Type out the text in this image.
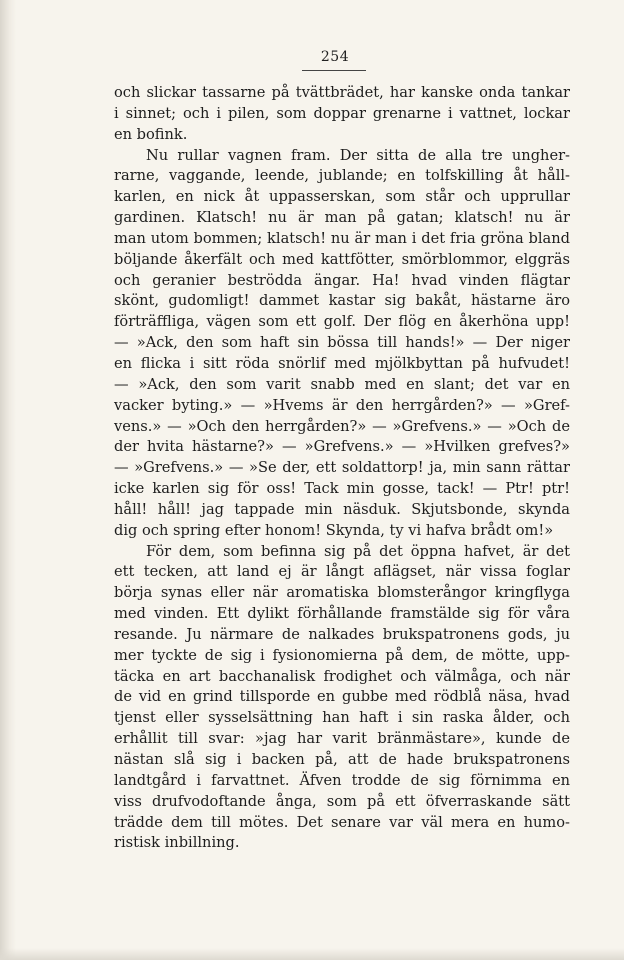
254
och slickar tassarne på tvättbrädet, har kanske onda tankar
i sinnet; och i pilen, som doppar grenarne i vattnet, lockar
en bofink.
Nu rullar vagnen fram. Der sitta de alla tre ungher-
rarne, vaggande, leende, jublande; en tolfskilling åt håll-
karlen, en nick åt uppasserskan, som står och upprullar
gardinen. Klatsch! nu är man på gatan; klatsch! nu är
man utom bommen; klatsch! nu är man i det fria gröna bland
böljande åkerfält och med kattfötter, smörblommor, elggräs
och geranier beströdda ängar. Ha! hvad vinden flägtar
skönt, gudomligt! dammet kastar sig bakåt, hästarne äro
förträffliga, vägen som ett golf. Der flög en åkerhöna upp!
— »Ack, den som haft sin bössa till hands!» — Der niger
en flicka i sitt röda snörlif med mjölkbyttan på hufvudet!
— »Ack, den som varit snabb med en slant; det var en
vacker byting.» — »Hvems är den herrgården?» — »Gref-
vens.» — »Och den herrgården?» — »Grefvens.» — »Och de
der hvita hästarne?» — »Grefvens.» — »Hvilken grefves?»
— »Grefvens.» — »Se der, ett soldattorp! ja, min sann rättar
icke karlen sig för oss! Tack min gosse, tack! — Ptr! ptr!
håll! håll! jag tappade min näsduk. Skjutsbonde, skynda
dig och spring efter honom! Skynda, ty vi hafva brådt om!»
För dem, som befinna sig på det öppna hafvet, är det
ett tecken, att land ej är långt aflägset, när vissa foglar
börja synas eller när aromatiska blomsterångor kringflyga
med vinden. Ett dylikt förhållande framstälde sig för våra
resande. Ju närmare de nalkades brukspatronens gods, ju
mer tyckte de sig i fysionomierna på dem, de mötte, upp-
täcka en art bacchanalisk frodighet och välmåga, och när
de vid en grind tillsporde en gubbe med rödblå näsa, hvad
tjenst eller sysselsättning han haft i sin raska ålder, och
erhållit till svar: »jag har varit bränmästare», kunde de
nästan slå sig i backen på, att de hade brukspatronens
landtgård i farvattnet. Äfven trodde de sig förnimma en
viss drufvodoftande ånga, som på ett öfverraskande sätt
trädde dem till mötes. Det senare var väl mera en humo-
ristisk inbillning.
